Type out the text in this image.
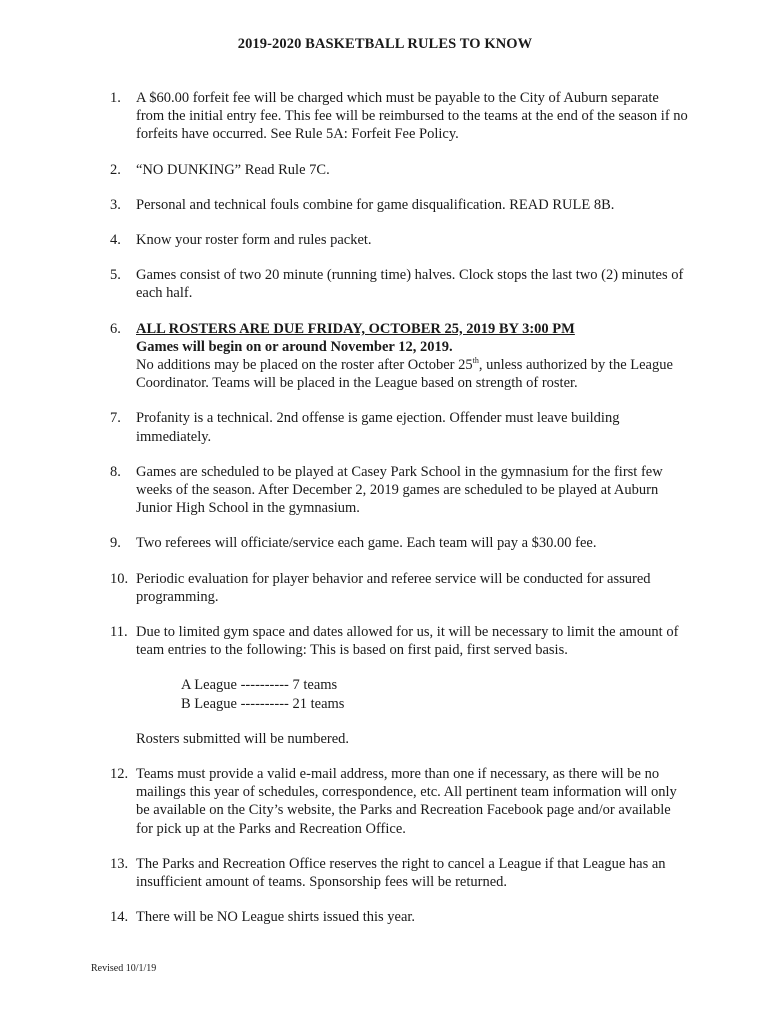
2019-2020 BASKETBALL RULES TO KNOW
1. A $60.00 forfeit fee will be charged which must be payable to the City of Auburn separate from the initial entry fee. This fee will be reimbursed to the teams at the end of the season if no forfeits have occurred. See Rule 5A: Forfeit Fee Policy.
2. “NO DUNKING” Read Rule 7C.
3. Personal and technical fouls combine for game disqualification. READ RULE 8B.
4. Know your roster form and rules packet.
5. Games consist of two 20 minute (running time) halves. Clock stops the last two (2) minutes of each half.
6. ALL ROSTERS ARE DUE FRIDAY, OCTOBER 25, 2019 BY 3:00 PM
Games will begin on or around November 12, 2019.
No additions may be placed on the roster after October 25th, unless authorized by the League Coordinator. Teams will be placed in the League based on strength of roster.
7. Profanity is a technical. 2nd offense is game ejection. Offender must leave building immediately.
8. Games are scheduled to be played at Casey Park School in the gymnasium for the first few weeks of the season. After December 2, 2019 games are scheduled to be played at Auburn Junior High School in the gymnasium.
9. Two referees will officiate/service each game. Each team will pay a $30.00 fee.
10. Periodic evaluation for player behavior and referee service will be conducted for assured programming.
11. Due to limited gym space and dates allowed for us, it will be necessary to limit the amount of team entries to the following: This is based on first paid, first served basis.
A League ---------- 7 teams
B League ---------- 21 teams
Rosters submitted will be numbered.
12. Teams must provide a valid e-mail address, more than one if necessary, as there will be no mailings this year of schedules, correspondence, etc. All pertinent team information will only be available on the City’s website, the Parks and Recreation Facebook page and/or available for pick up at the Parks and Recreation Office.
13. The Parks and Recreation Office reserves the right to cancel a League if that League has an insufficient amount of teams. Sponsorship fees will be returned.
14. There will be NO League shirts issued this year.
Revised 10/1/19
